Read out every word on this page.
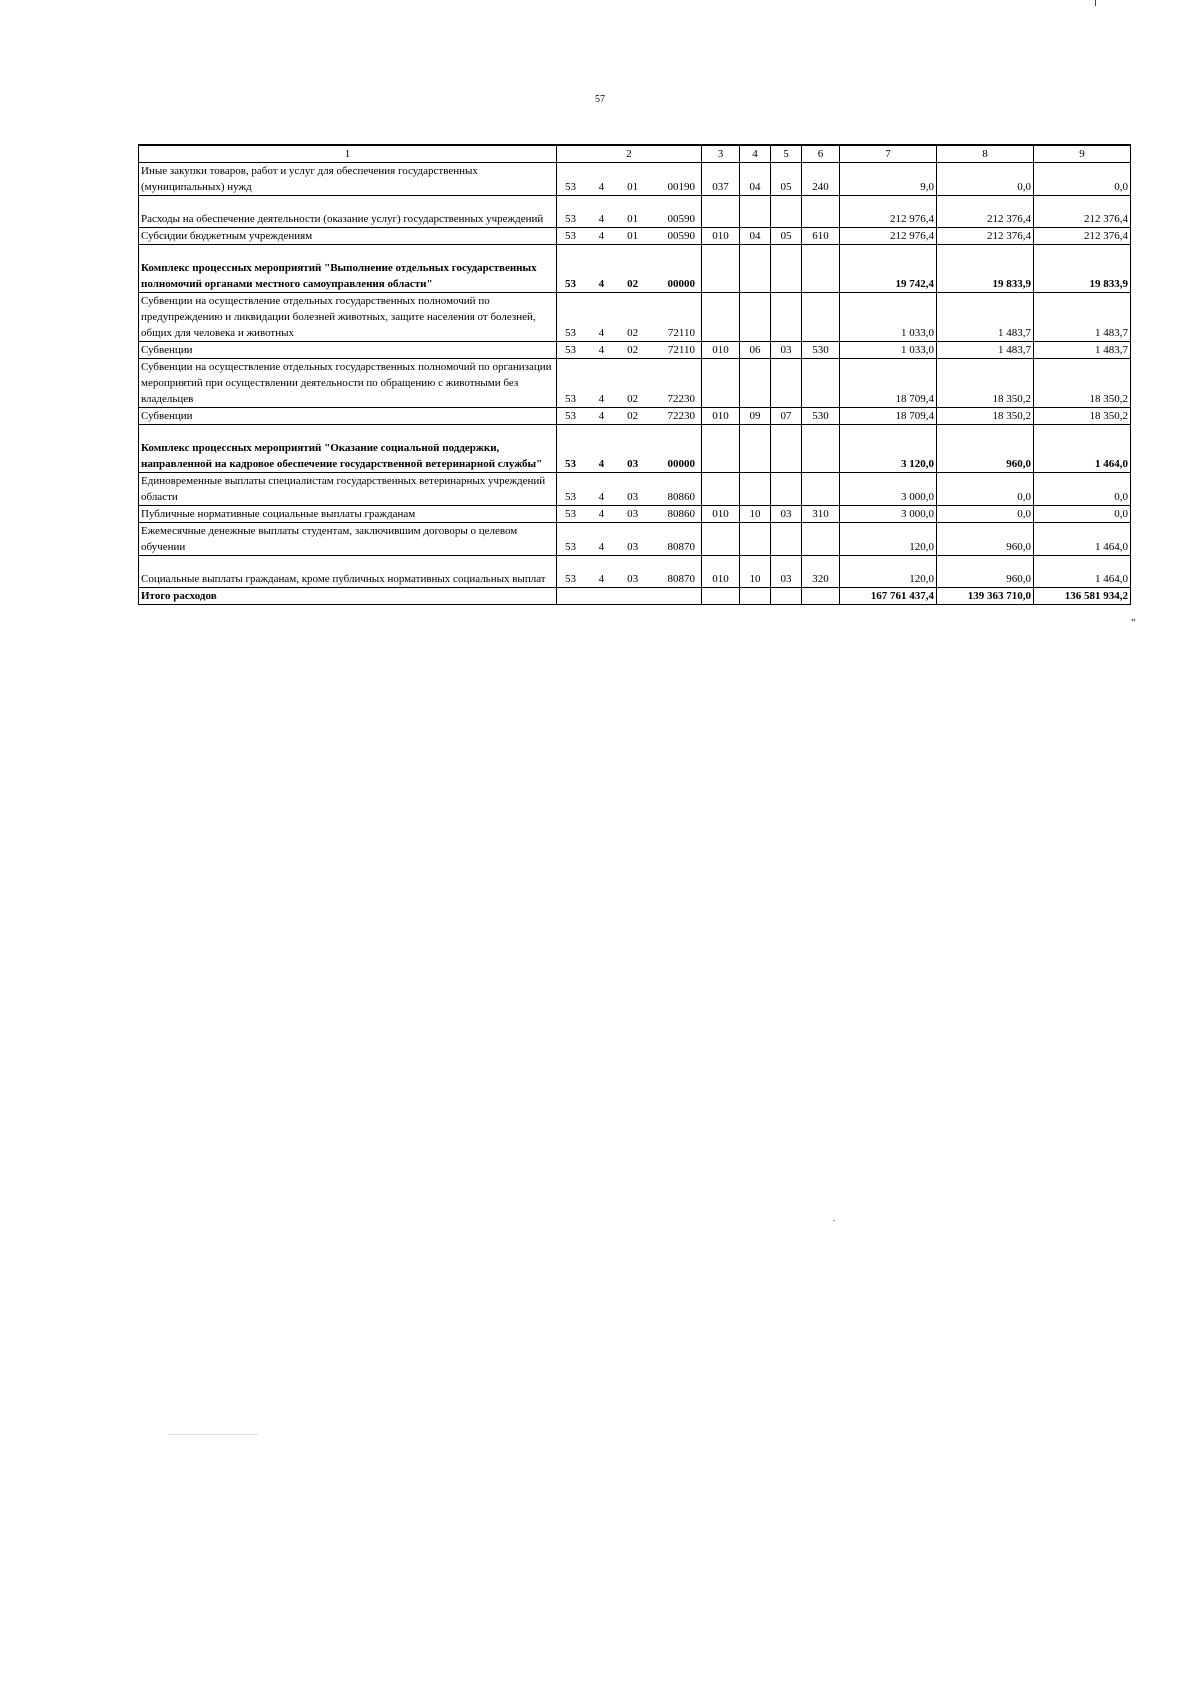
57
1	2	3	4	5	6	7	8	9
Иные закупки товаров, работ и услуг для обеспечения государственных (муниципальных) нужд	53 4 01 00190	037	04	05	240	9,0	0,0	0,0
Расходы на обеспечение деятельности (оказание услуг) государственных учреждений	53 4 01 00590					212 976,4	212 376,4	212 376,4
Субсидии бюджетным учреждениям	53 4 01 00590	010	04	05	610	212 976,4	212 376,4	212 376,4
Комплекс процессных мероприятий "Выполнение отдельных государственных полномочий органами местного самоуправления области"	53 4 02 00000					19 742,4	19 833,9	19 833,9
Субвенции на осуществление отдельных государственных полномочий по предупреждению и ликвидации болезней животных, защите населения от болезней, общих для человека и животных	53 4 02 72110					1 033,0	1 483,7	1 483,7
Субвенции	53 4 02 72110	010	06	03	530	1 033,0	1 483,7	1 483,7
Субвенции на осуществление отдельных государственных полномочий по организации мероприятий при осуществлении деятельности по обращению с животными без владельцев	53 4 02 72230					18 709,4	18 350,2	18 350,2
Субвенции	53 4 02 72230	010	09	07	530	18 709,4	18 350,2	18 350,2
Комплекс процессных мероприятий "Оказание социальной поддержки, направленной на кадровое обеспечение государственной ветеринарной службы"	53 4 03 00000					3 120,0	960,0	1 464,0
Единовременные выплаты специалистам государственных ветеринарных учреждений области	53 4 03 80860					3 000,0	0,0	0,0
Публичные нормативные социальные выплаты гражданам	53 4 03 80860	010	10	03	310	3 000,0	0,0	0,0
Ежемесячные денежные выплаты студентам, заключившим договоры о целевом обучении	53 4 03 80870					120,0	960,0	1 464,0
Социальные выплаты гражданам, кроме публичных нормативных социальных выплат	53 4 03 80870	010	10	03	320	120,0	960,0	1 464,0
Итого расходов						167 761 437,4	139 363 710,0	136 581 934,2
"
